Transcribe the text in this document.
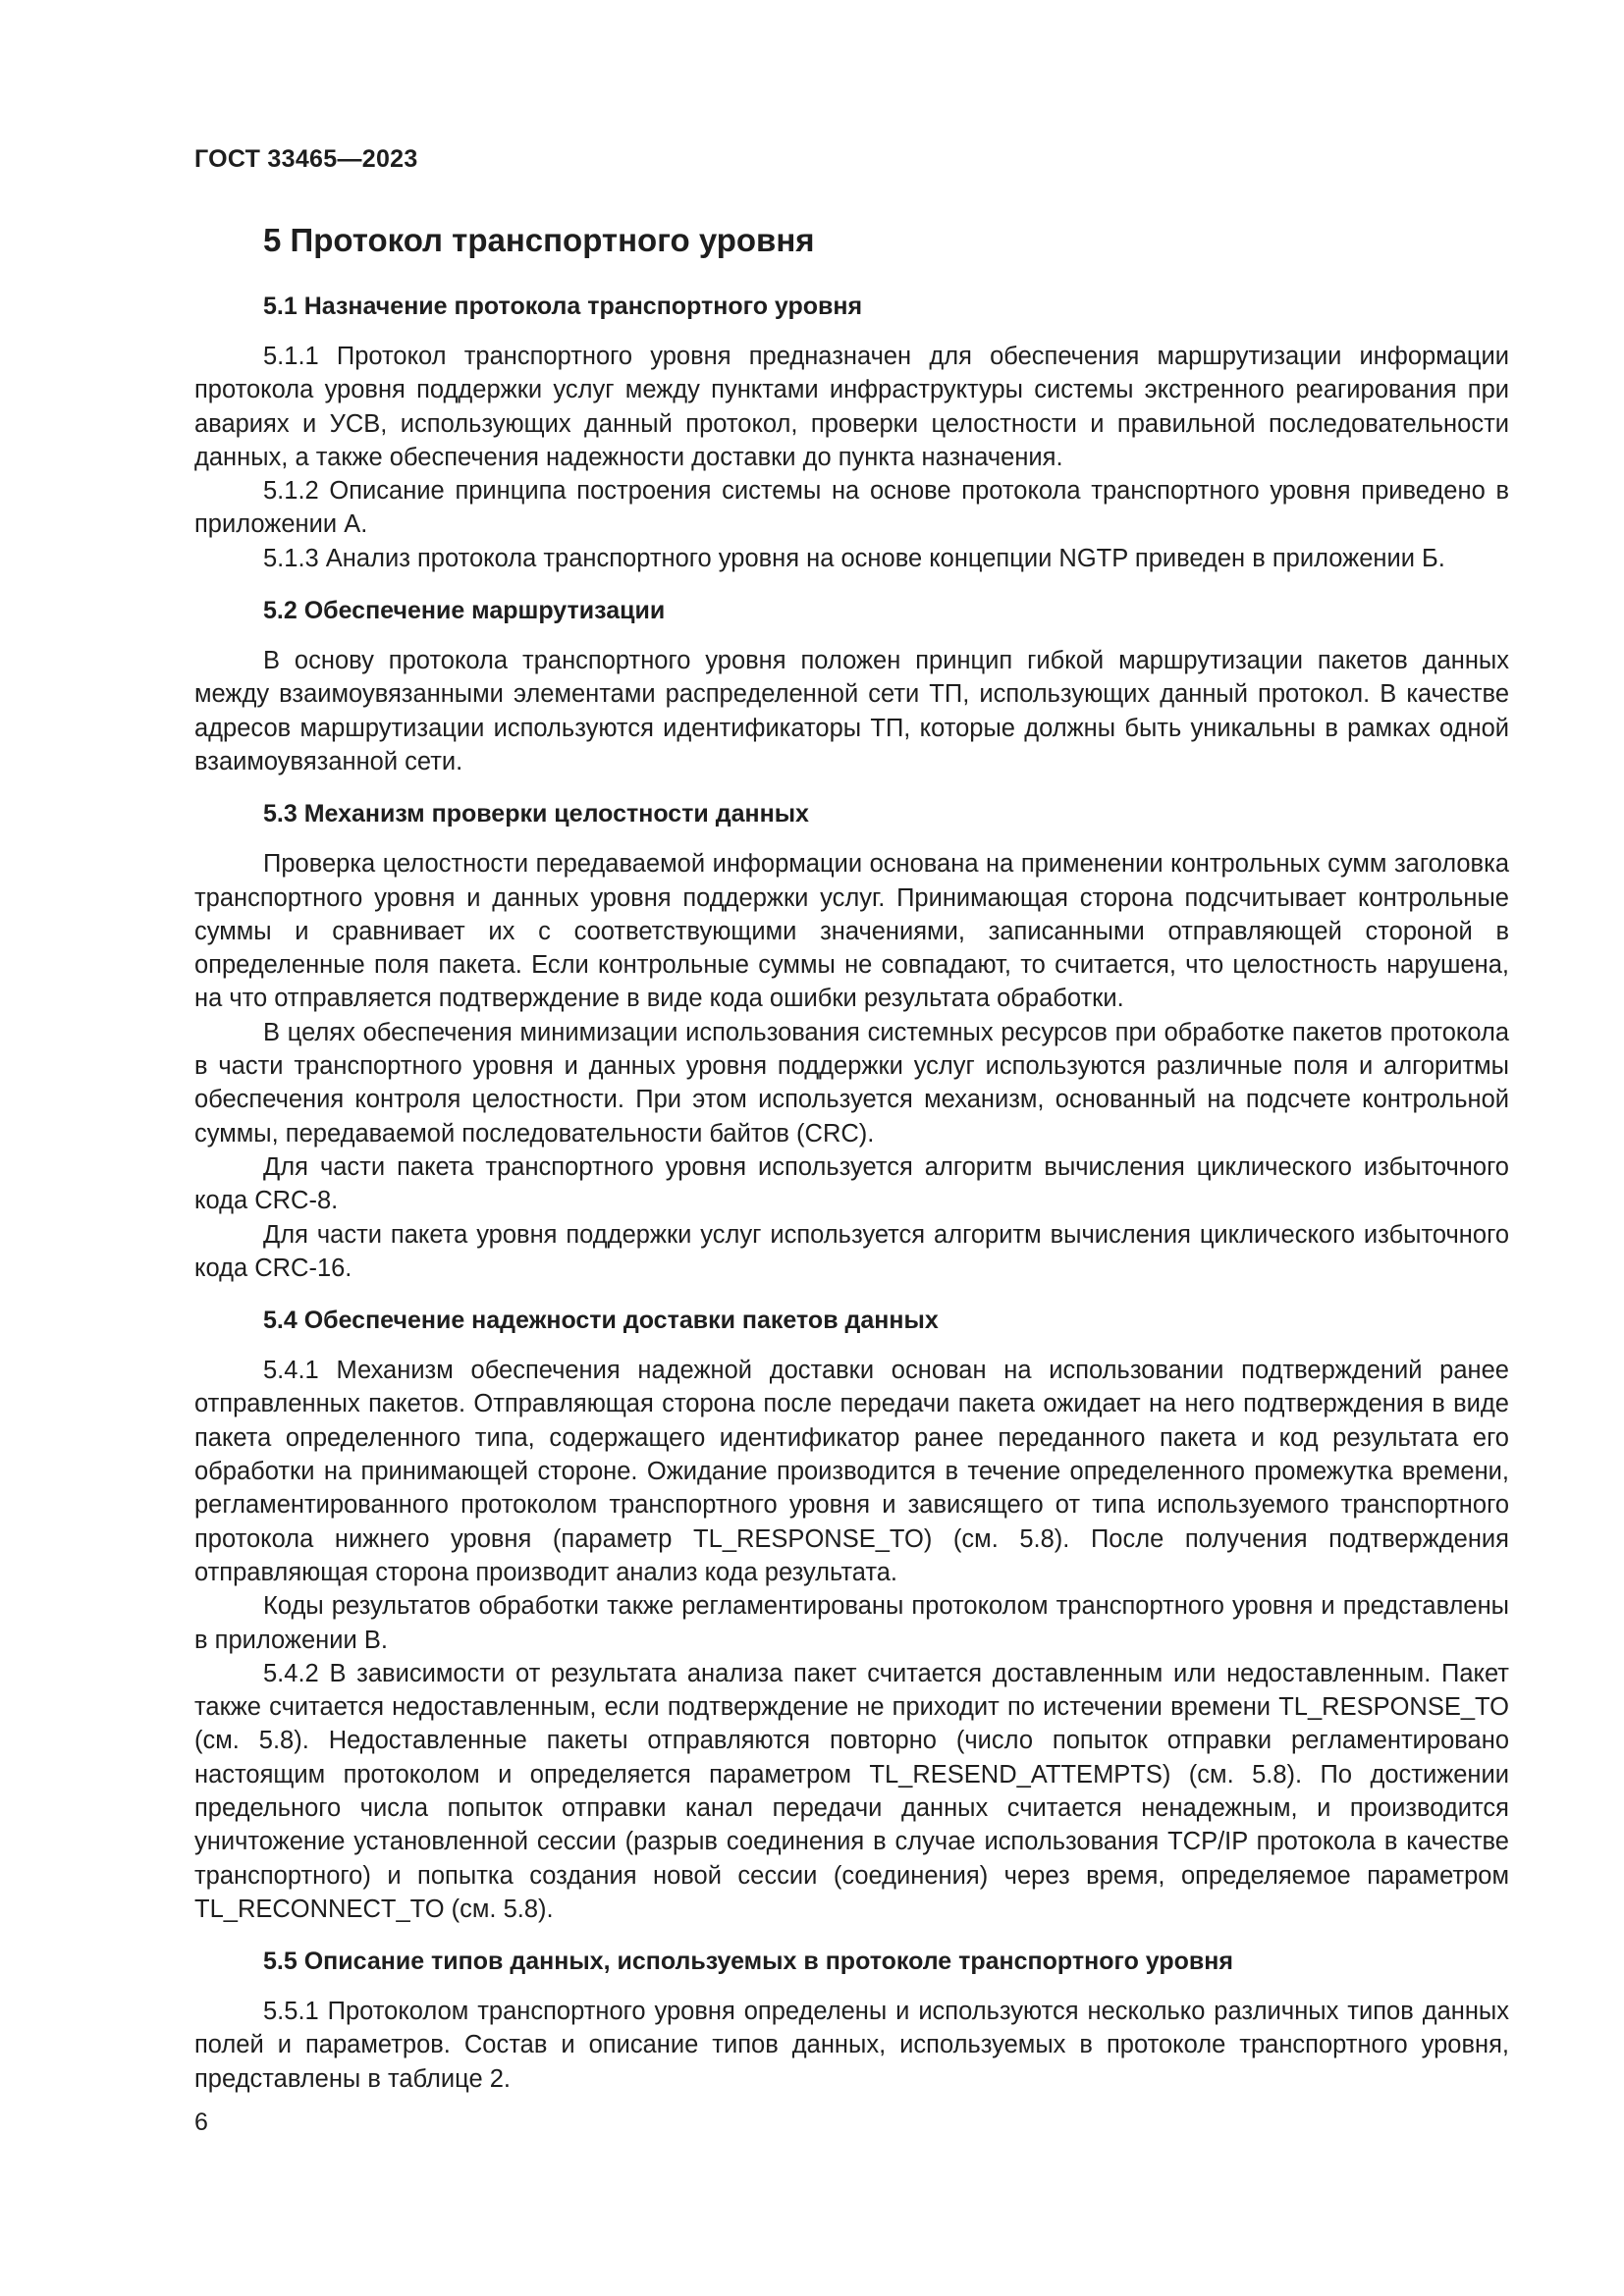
ГОСТ 33465—2023
5 Протокол транспортного уровня
5.1 Назначение протокола транспортного уровня

5.1.1 Протокол транспортного уровня предназначен для обеспечения маршрутизации информации протокола уровня поддержки услуг между пунктами инфраструктуры системы экстренного реагирования при авариях и УСВ, использующих данный протокол, проверки целостности и правильной последовательности данных, а также обеспечения надежности доставки до пункта назначения.

5.1.2 Описание принципа построения системы на основе протокола транспортного уровня приведено в приложении А.

5.1.3 Анализ протокола транспортного уровня на основе концепции NGTP приведен в приложении Б.

5.2 Обеспечение маршрутизации

В основу протокола транспортного уровня положен принцип гибкой маршрутизации пакетов данных между взаимоувязанными элементами распределенной сети ТП, использующих данный протокол. В качестве адресов маршрутизации используются идентификаторы ТП, которые должны быть уникальны в рамках одной взаимоувязанной сети.

5.3 Механизм проверки целостности данных

Проверка целостности передаваемой информации основана на применении контрольных сумм заголовка транспортного уровня и данных уровня поддержки услуг. Принимающая сторона подсчитывает контрольные суммы и сравнивает их с соответствующими значениями, записанными отправляющей стороной в определенные поля пакета. Если контрольные суммы не совпадают, то считается, что целостность нарушена, на что отправляется подтверждение в виде кода ошибки результата обработки.

В целях обеспечения минимизации использования системных ресурсов при обработке пакетов протокола в части транспортного уровня и данных уровня поддержки услуг используются различные поля и алгоритмы обеспечения контроля целостности. При этом используется механизм, основанный на подсчете контрольной суммы, передаваемой последовательности байтов (CRC).

Для части пакета транспортного уровня используется алгоритм вычисления циклического избыточного кода CRC-8.

Для части пакета уровня поддержки услуг используется алгоритм вычисления циклического избыточного кода CRC-16.

5.4 Обеспечение надежности доставки пакетов данных

5.4.1 Механизм обеспечения надежной доставки основан на использовании подтверждений ранее отправленных пакетов. Отправляющая сторона после передачи пакета ожидает на него подтверждения в виде пакета определенного типа, содержащего идентификатор ранее переданного пакета и код результата его обработки на принимающей стороне. Ожидание производится в течение определенного промежутка времени, регламентированного протоколом транспортного уровня и зависящего от типа используемого транспортного протокола нижнего уровня (параметр TL_RESPONSE_TO) (см. 5.8). После получения подтверждения отправляющая сторона производит анализ кода результата.

Коды результатов обработки также регламентированы протоколом транспортного уровня и представлены в приложении В.

5.4.2 В зависимости от результата анализа пакет считается доставленным или недоставленным. Пакет также считается недоставленным, если подтверждение не приходит по истечении времени TL_RESPONSE_TO (см. 5.8). Недоставленные пакеты отправляются повторно (число попыток отправки регламентировано настоящим протоколом и определяется параметром TL_RESEND_ATTEMPTS) (см. 5.8). По достижении предельного числа попыток отправки канал передачи данных считается ненадежным, и производится уничтожение установленной сессии (разрыв соединения в случае использования TCP/IP протокола в качестве транспортного) и попытка создания новой сессии (соединения) через время, определяемое параметром TL_RECONNECT_TO (см. 5.8).

5.5 Описание типов данных, используемых в протоколе транспортного уровня

5.5.1 Протоколом транспортного уровня определены и используются несколько различных типов данных полей и параметров. Состав и описание типов данных, используемых в протоколе транспортного уровня, представлены в таблице 2.

6
